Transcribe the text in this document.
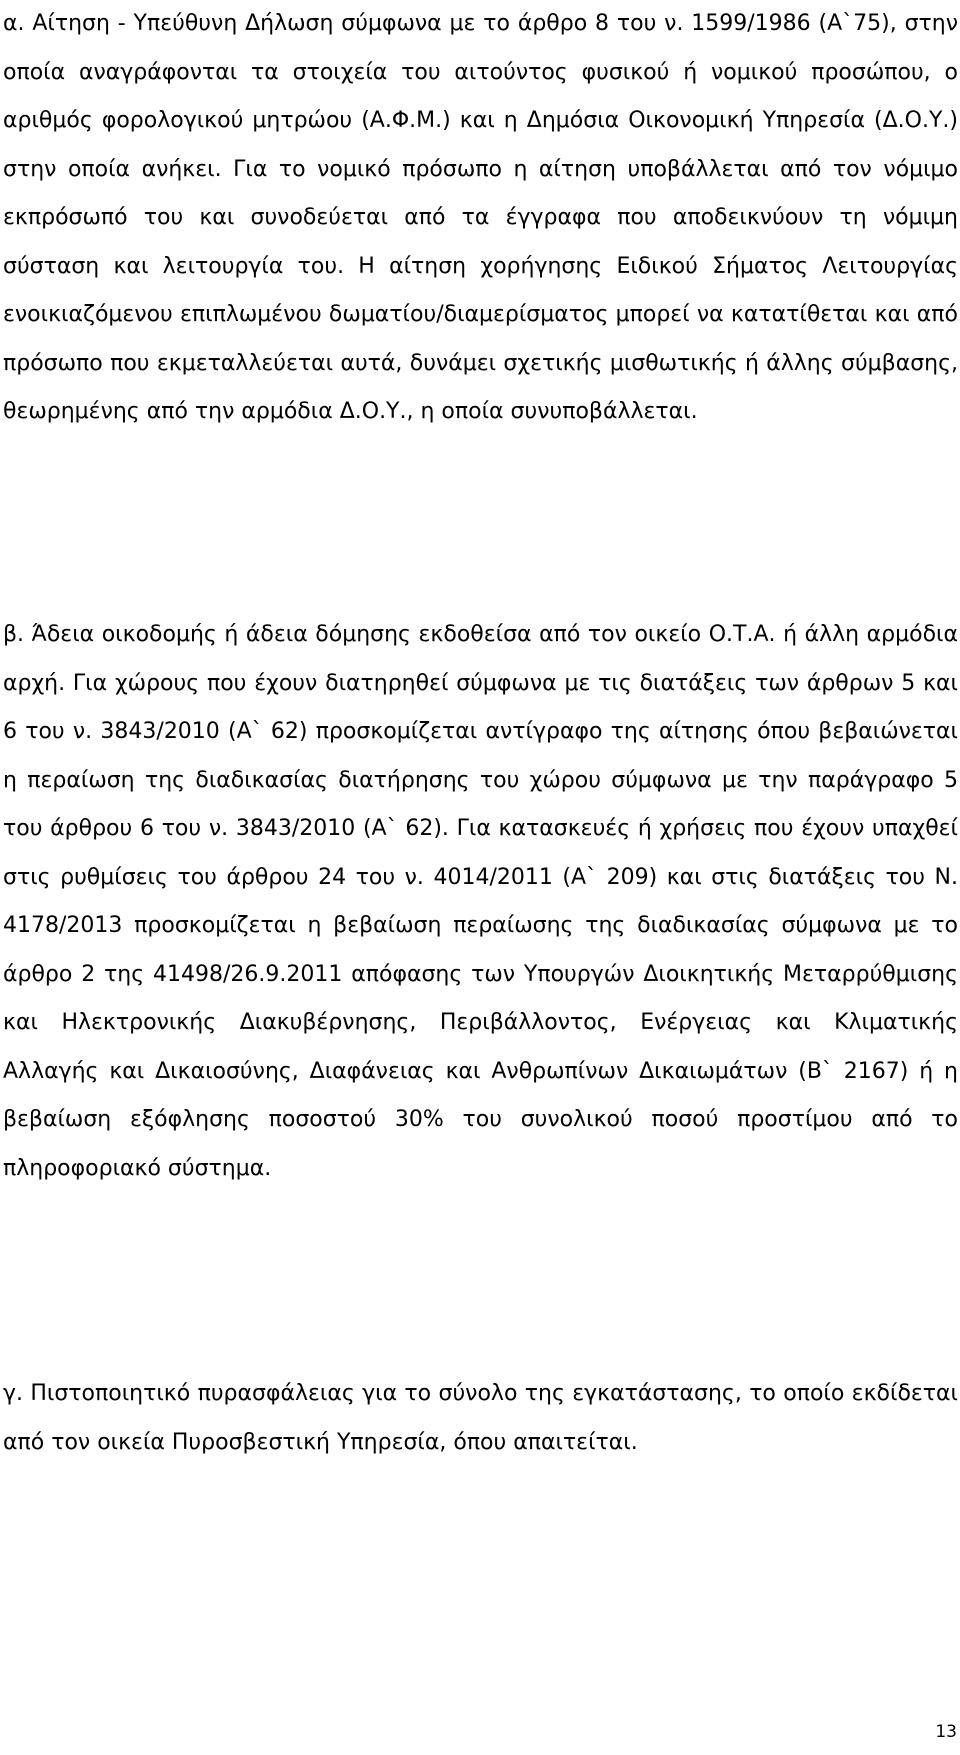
α. Αίτηση - Υπεύθυνη Δήλωση σύμφωνα με το άρθρο 8 του ν. 1599/1986 (Α`75), στην οποία αναγράφονται τα στοιχεία του αιτούντος φυσικού ή νομικού προσώπου, ο αριθμός φορολογικού μητρώου (Α.Φ.Μ.) και η Δημόσια Οικονομική Υπηρεσία (Δ.Ο.Υ.) στην οποία ανήκει. Για το νομικό πρόσωπο η αίτηση υποβάλλεται από τον νόμιμο εκπρόσωπό του και συνοδεύεται από τα έγγραφα που αποδεικνύουν τη νόμιμη σύσταση και λειτουργία του. Η αίτηση χορήγησης Ειδικού Σήματος Λειτουργίας ενοικιαζόμενου επιπλωμένου δωματίου/διαμερίσματος μπορεί να κατατίθεται και από πρόσωπο που εκμεταλλεύεται αυτά, δυνάμει σχετικής μισθωτικής ή άλλης σύμβασης, θεωρημένης από την αρμόδια Δ.Ο.Υ., η οποία συνυποβάλλεται.

β. Άδεια οικοδομής ή άδεια δόμησης εκδοθείσα από τον οικείο Ο.Τ.Α. ή άλλη αρμόδια αρχή. Για χώρους που έχουν διατηρηθεί σύμφωνα με τις διατάξεις των άρθρων 5 και 6 του ν. 3843/2010 (Α` 62) προσκομίζεται αντίγραφο της αίτησης όπου βεβαιώνεται η περαίωση της διαδικασίας διατήρησης του χώρου σύμφωνα με την παράγραφο 5 του άρθρου 6 του ν. 3843/2010 (Α` 62). Για κατασκευές ή χρήσεις που έχουν υπαχθεί στις ρυθμίσεις του άρθρου 24 του ν. 4014/2011 (Α` 209) και στις διατάξεις του Ν. 4178/2013 προσκομίζεται η βεβαίωση περαίωσης της διαδικασίας σύμφωνα με το άρθρο 2 της 41498/26.9.2011 απόφασης των Υπουργών Διοικητικής Μεταρρύθμισης και Ηλεκτρονικής Διακυβέρνησης, Περιβάλλοντος, Ενέργειας και Κλιματικής Αλλαγής και Δικαιοσύνης, Διαφάνειας και Ανθρωπίνων Δικαιωμάτων (Β` 2167) ή η βεβαίωση εξόφλησης ποσοστού 30% του συνολικού ποσού προστίμου από το πληροφοριακό σύστημα.

γ. Πιστοποιητικό πυρασφάλειας για το σύνολο της εγκατάστασης, το οποίο εκδίδεται από τον οικεία Πυροσβεστική Υπηρεσία, όπου απαιτείται.

13
